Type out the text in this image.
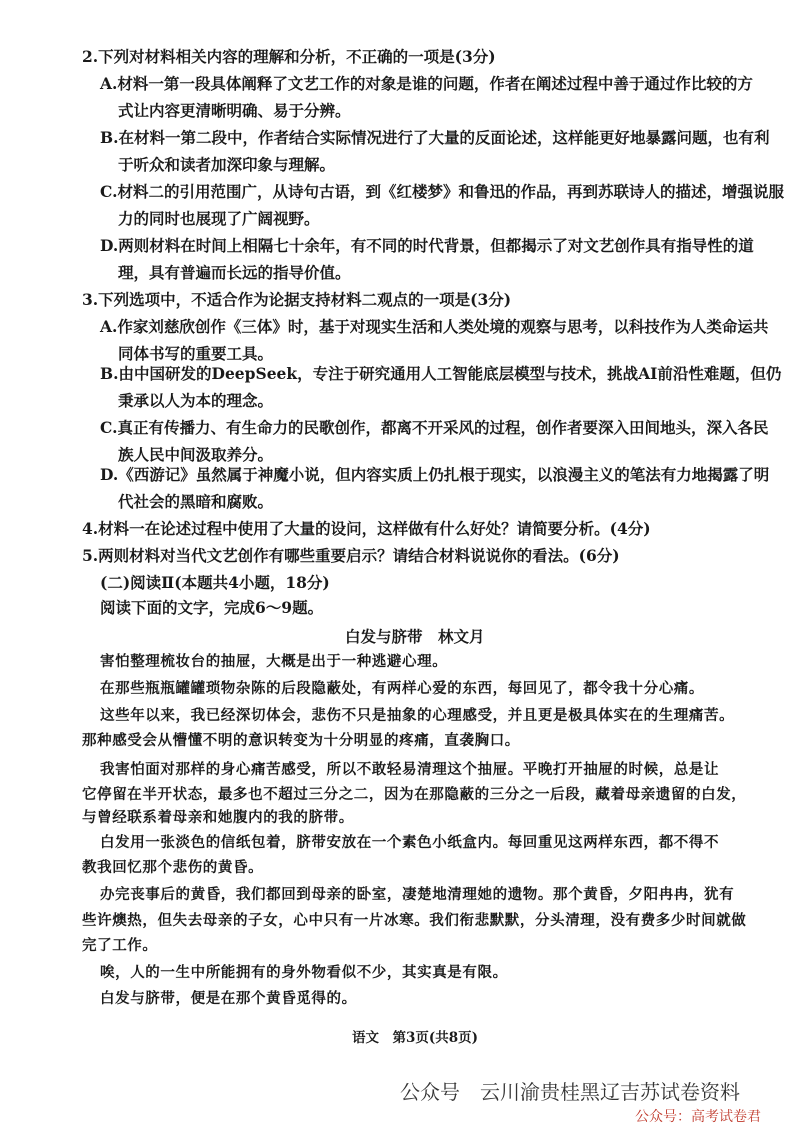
2.下列对材料相关内容的理解和分析，不正确的一项是(3分)
A.材料一第一段具体阐释了文艺工作的对象是谁的问题，作者在阐述过程中善于通过作比较的方
式让内容更清晰明确、易于分辨。
B.在材料一第二段中，作者结合实际情况进行了大量的反面论述，这样能更好地暴露问题，也有利
于听众和读者加深印象与理解。
C.材料二的引用范围广，从诗句古语，到《红楼梦》和鲁迅的作品，再到苏联诗人的描述，增强说服
力的同时也展现了广阔视野。
D.两则材料在时间上相隔七十余年，有不同的时代背景，但都揭示了对文艺创作具有指导性的道
理，具有普遍而长远的指导价值。
3.下列选项中，不适合作为论据支持材料二观点的一项是(3分)
A.作家刘慈欣创作《三体》时，基于对现实生活和人类处境的观察与思考，以科技作为人类命运共
同体书写的重要工具。
B.由中国研发的DeepSeek，专注于研究通用人工智能底层模型与技术，挑战AI前沿性难题，但仍
秉承以人为本的理念。
C.真正有传播力、有生命力的民歌创作，都离不开采风的过程，创作者要深入田间地头，深入各民
族人民中间汲取养分。
D.《西游记》虽然属于神魔小说，但内容实质上仍扎根于现实，以浪漫主义的笔法有力地揭露了明
代社会的黑暗和腐败。
4.材料一在论述过程中使用了大量的设问，这样做有什么好处？请简要分析。(4分)
5.两则材料对当代文艺创作有哪些重要启示？请结合材料说说你的看法。(6分)
(二)阅读Ⅱ(本题共4小题，18分)
阅读下面的文字，完成6～9题。
白发与脐带　林文月
害怕整理梳妆台的抽屉，大概是出于一种逃避心理。
在那些瓶瓶罐罐琐物杂陈的后段隐蔽处，有两样心爱的东西，每回见了，都令我十分心痛。
这些年以来，我已经深切体会，悲伤不只是抽象的心理感受，并且更是极具体实在的生理痛苦。
那种感受会从懵懂不明的意识转变为十分明显的疼痛，直袭胸口。
我害怕面对那样的身心痛苦感受，所以不敢轻易清理这个抽屉。平晚打开抽屉的时候，总是让
它停留在半开状态，最多也不超过三分之二，因为在那隐蔽的三分之一后段，藏着母亲遗留的白发，
与曾经联系着母亲和她腹内的我的脐带。
白发用一张淡色的信纸包着，脐带安放在一个素色小纸盒内。每回重见这两样东西，都不得不
教我回忆那个悲伤的黄昏。
办完丧事后的黄昏，我们都回到母亲的卧室，凄楚地清理她的遗物。那个黄昏，夕阳冉冉，犹有
些许燠热，但失去母亲的子女，心中只有一片冰寒。我们衔悲默默，分头清理，没有费多少时间就做
完了工作。
唉，人的一生中所能拥有的身外物看似不少，其实真是有限。
白发与脐带，便是在那个黄昏觅得的。
语文　第3页(共8页)
公众号　云川渝贵桂黑辽吉苏试卷资料
公众号：高考试卷君
